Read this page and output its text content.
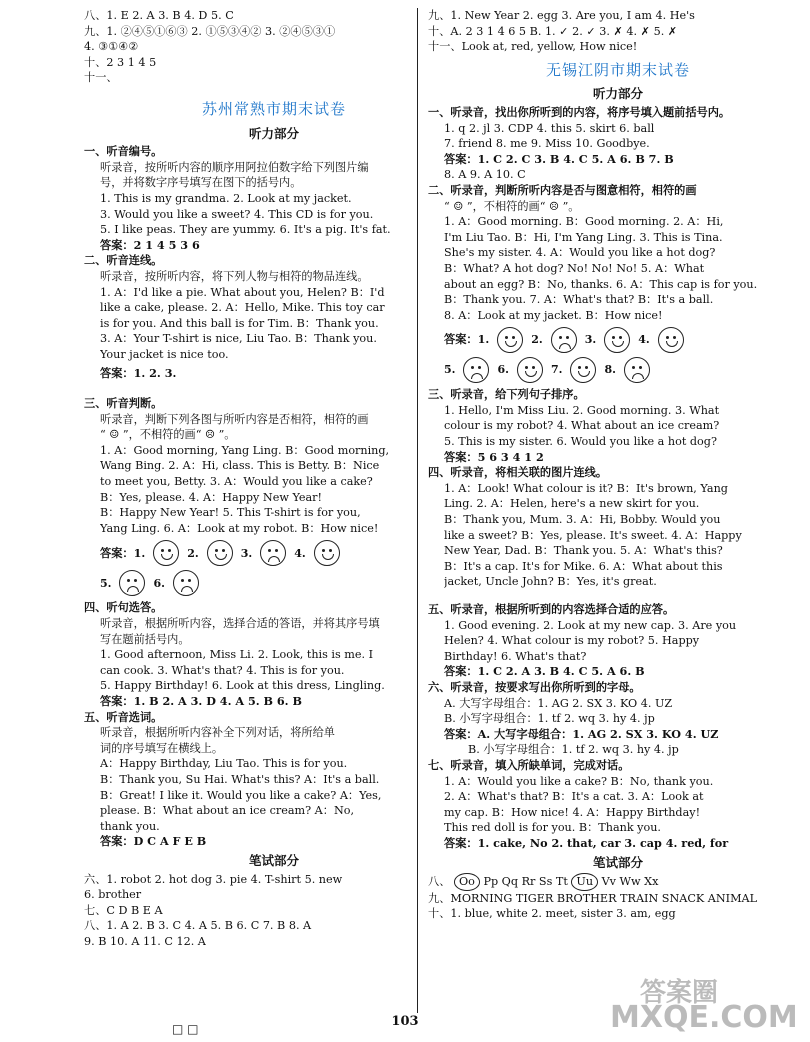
八、1. E 2. A 3. B 4. D 5. C
九、1. ②④⑤①⑥③ 2. ①⑤③④② 3. ②④⑤③①
4. ③①④②
十、2 3 1 4 5
十一、
苏州常熟市期末试卷
听力部分
一、听音编号。
听录音，按所听内容的顺序用阿拉伯数字给下列图片编
号，并将数字序号填写在图下的括号内。
1. This is my grandma. 2. Look at my jacket.
3. Would you like a sweet? 4. This CD is for you.
5. I like peas. They are yummy. 6. It's a pig. It's fat.
答案：2 1 4 5 3 6
二、听音连线。
听录音，按所听内容，将下列人物与相符的物品连线。
1. A：I'd like a pie. What about you, Helen? B：I'd
like a cake, please. 2. A：Hello, Mike. This toy car
is for you. And this ball is for Tim. B：Thank you.
3. A：Your T-shirt is nice, Liu Tao. B：Thank you.
Your jacket is nice too.
答案：1. 2. 3.
三、听音判断。
听录音，判断下列各图与所听内容是否相符，相符的画
“ ☺ ”，不相符的画“ ☹ ”。
1. A：Good morning, Yang Ling. B：Good morning,
Wang Bing. 2. A：Hi, class. This is Betty. B：Nice
to meet you, Betty. 3. A：Would you like a cake?
B：Yes, please. 4. A：Happy New Year!
B：Happy New Year! 5. This T-shirt is for you,
Yang Ling. 6. A：Look at my robot. B：How nice!
答案：1.	2.	3.	4.
5.	6.
四、听句选答。
听录音，根据所听内容，选择合适的答语，并将其序号填
写在题前括号内。
1. Good afternoon, Miss Li. 2. Look, this is me. I
can cook. 3. What's that? 4. This is for you.
5. Happy Birthday! 6. Look at this dress, Lingling.
答案：1. B 2. A 3. D 4. A 5. B 6. B
五、听音选词。
听录音，根据所听内容补全下列对话，将所给单
词的序号填写在横线上。
A：Happy Birthday, Liu Tao. This is for you.
B：Thank you, Su Hai. What's this? A：It's a ball.
B：Great! I like it. Would you like a cake? A：Yes,
please. B：What about an ice cream? A：No,
thank you.
答案：D C A F E B
笔试部分
六、1. robot 2. hot dog 3. pie 4. T-shirt 5. new
6. brother
七、C D B E A
八、1. A 2. B 3. C 4. A 5. B 6. C 7. B 8. A
9. B 10. A 11. C 12. A
九、1. New Year 2. egg 3. Are you, I am 4. He's
十、A. 2 3 1 4 6 5 B. 1. ✓ 2. ✓ 3. ✗ 4. ✗ 5. ✗
十一、Look at, red, yellow, How nice!
无锡江阴市期末试卷
听力部分
一、听录音，找出你所听到的内容，将序号填入题前括号内。
1. q 2. jl 3. CDP 4. this 5. skirt 6. ball
7. friend 8. me 9. Miss 10. Goodbye.
答案：1. C 2. C 3. B 4. C 5. A 6. B 7. B
8. A 9. A 10. C
二、听录音，判断所听内容是否与图意相符，相符的画
“ ☺ ”，不相符的画“ ☹ ”。
1. A：Good morning. B：Good morning. 2. A：Hi,
I'm Liu Tao. B：Hi, I'm Yang Ling. 3. This is Tina.
She's my sister. 4. A：Would you like a hot dog?
B：What? A hot dog? No! No! No! 5. A：What
about an egg? B：No, thanks. 6. A：This cap is for you.
B：Thank you. 7. A：What's that? B：It's a ball.
8. A：Look at my jacket. B：How nice!
答案：1.	2.	3.	4.
5.	6.	7.	8.
三、听录音，给下列句子排序。
1. Hello, I'm Miss Liu. 2. Good morning. 3. What
colour is my robot? 4. What about an ice cream?
5. This is my sister. 6. Would you like a hot dog?
答案：5 6 3 4 1 2
四、听录音，将相关联的图片连线。
1. A：Look! What colour is it? B：It's brown, Yang
Ling. 2. A：Helen, here's a new skirt for you.
B：Thank you, Mum. 3. A：Hi, Bobby. Would you
like a sweet? B：Yes, please. It's sweet. 4. A：Happy
New Year, Dad. B：Thank you. 5. A：What's this?
B：It's a cap. It's for Mike. 6. A：What about this
jacket, Uncle John? B：Yes, it's great.
五、听录音，根据所听到的内容选择合适的应答。
1. Good evening. 2. Look at my new cap. 3. Are you
Helen? 4. What colour is my robot? 5. Happy
Birthday! 6. What's that?
答案：1. C 2. A 3. B 4. C 5. A 6. B
六、听录音，按要求写出你所听到的字母。
A. 大写字母组合：1. AG 2. SX 3. KO 4. UZ
B. 小写字母组合：1. tf 2. wq 3. hy 4. jp
答案：A. 大写字母组合：1. AG 2. SX 3. KO 4. UZ
B. 小写字母组合：1. tf 2. wq 3. hy 4. jp
七、听录音，填入所缺单词，完成对话。
1. A：Would you like a cake? B：No, thank you.
2. A：What's that? B：It's a cat. 3. A：Look at
my cap. B：How nice! 4. A：Happy Birthday!
This red doll is for you. B：Thank you.
答案：1. cake, No 2. that, car 3. cap 4. red, for
笔试部分
八、 Oo Pp Qq Rr Ss Tt Uu Vv Ww Xx
九、MORNING TIGER BROTHER TRAIN SNACK ANIMAL
十、1. blue, white 2. meet, sister 3. am, egg
答案圈
MXQE.COM
□ □	103
